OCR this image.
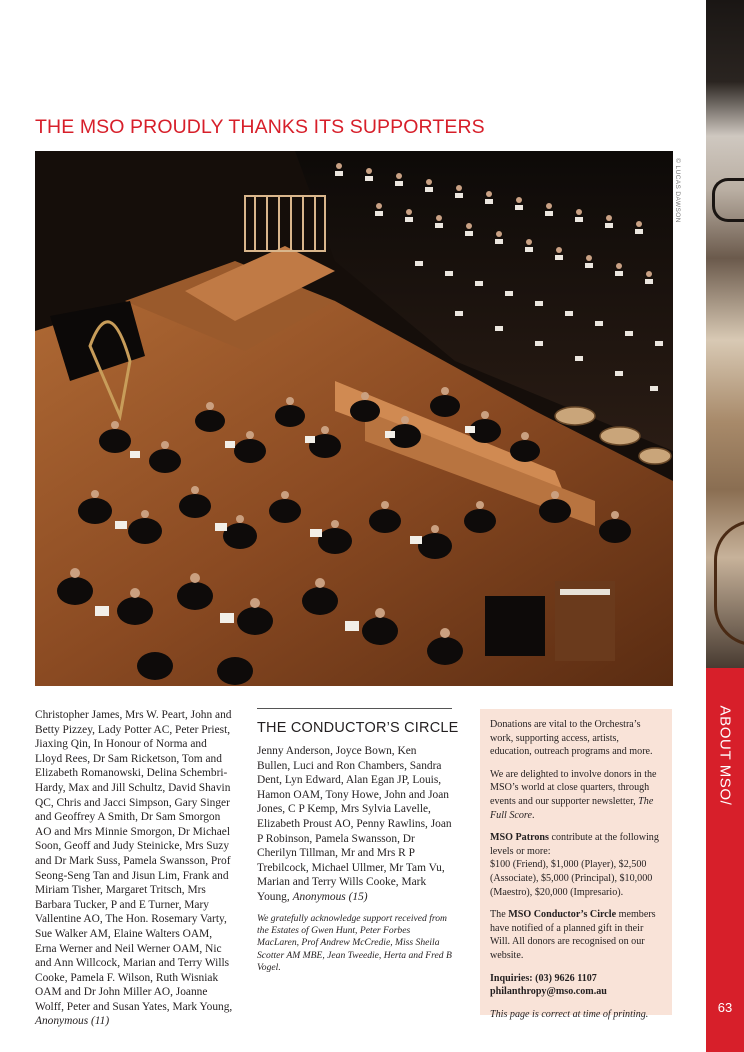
ABOUT MSO/
63
THE MSO PROUDLY THANKS ITS SUPPORTERS
© LUCAS DAWSON
Christopher James, Mrs W. Peart, John and Betty Pizzey, Lady Potter AC, Peter Priest, Jiaxing Qin, In Honour of Norma and Lloyd Rees, Dr Sam Ricketson, Tom and Elizabeth Romanowski, Delina Schembri-Hardy, Max and Jill Schultz, David Shavin QC, Chris and Jacci Simpson, Gary Singer and Geoffrey A Smith, Dr Sam Smorgon AO and Mrs Minnie Smorgon, Dr Michael Soon, Geoff and Judy Steinicke, Mrs Suzy and Dr Mark Suss, Pamela Swansson, Prof Seong-Seng Tan and Jisun Lim, Frank and Miriam Tisher, Margaret Tritsch, Mrs Barbara Tucker, P and E Turner, Mary Vallentine AO, The Hon. Rosemary Varty, Sue Walker AM, Elaine Walters OAM, Erna Werner and Neil Werner OAM, Nic and Ann Willcock, Marian and Terry Wills Cooke, Pamela F. Wilson, Ruth Wisniak OAM and Dr John Miller AO, Joanne Wolff, Peter and Susan Yates, Mark Young, Anonymous (11)
THE CONDUCTOR’S CIRCLE

Jenny Anderson, Joyce Bown, Ken Bullen, Luci and Ron Chambers, Sandra Dent, Lyn Edward, Alan Egan JP, Louis, Hamon OAM, Tony Howe, John and Joan Jones, C P Kemp, Mrs Sylvia Lavelle, Elizabeth Proust AO, Penny Rawlins, Joan P Robinson, Pamela Swansson, Dr Cherilyn Tillman, Mr and Mrs R P Trebilcock, Michael Ullmer, Mr Tam Vu, Marian and Terry Wills Cooke, Mark Young, Anonymous (15)

We gratefully acknowledge support received from the Estates of Gwen Hunt, Peter Forbes MacLaren, Prof Andrew McCredie, Miss Sheila Scotter AM MBE, Jean Tweedie, Herta and Fred B Vogel.

Donations are vital to the Orchestra’s work, supporting access, artists, education, outreach programs and more.

We are delighted to involve donors in the MSO’s world at close quarters, through events and our supporter newsletter, The Full Score.

MSO Patrons contribute at the following levels or more:
$100 (Friend), $1,000 (Player), $2,500 (Associate), $5,000 (Principal), $10,000 (Maestro), $20,000 (Impresario).

The MSO Conductor’s Circle members have notified of a planned gift in their Will. All donors are recognised on our website.

Inquiries: (03) 9626 1107
philanthropy@mso.com.au

This page is correct at time of printing.
